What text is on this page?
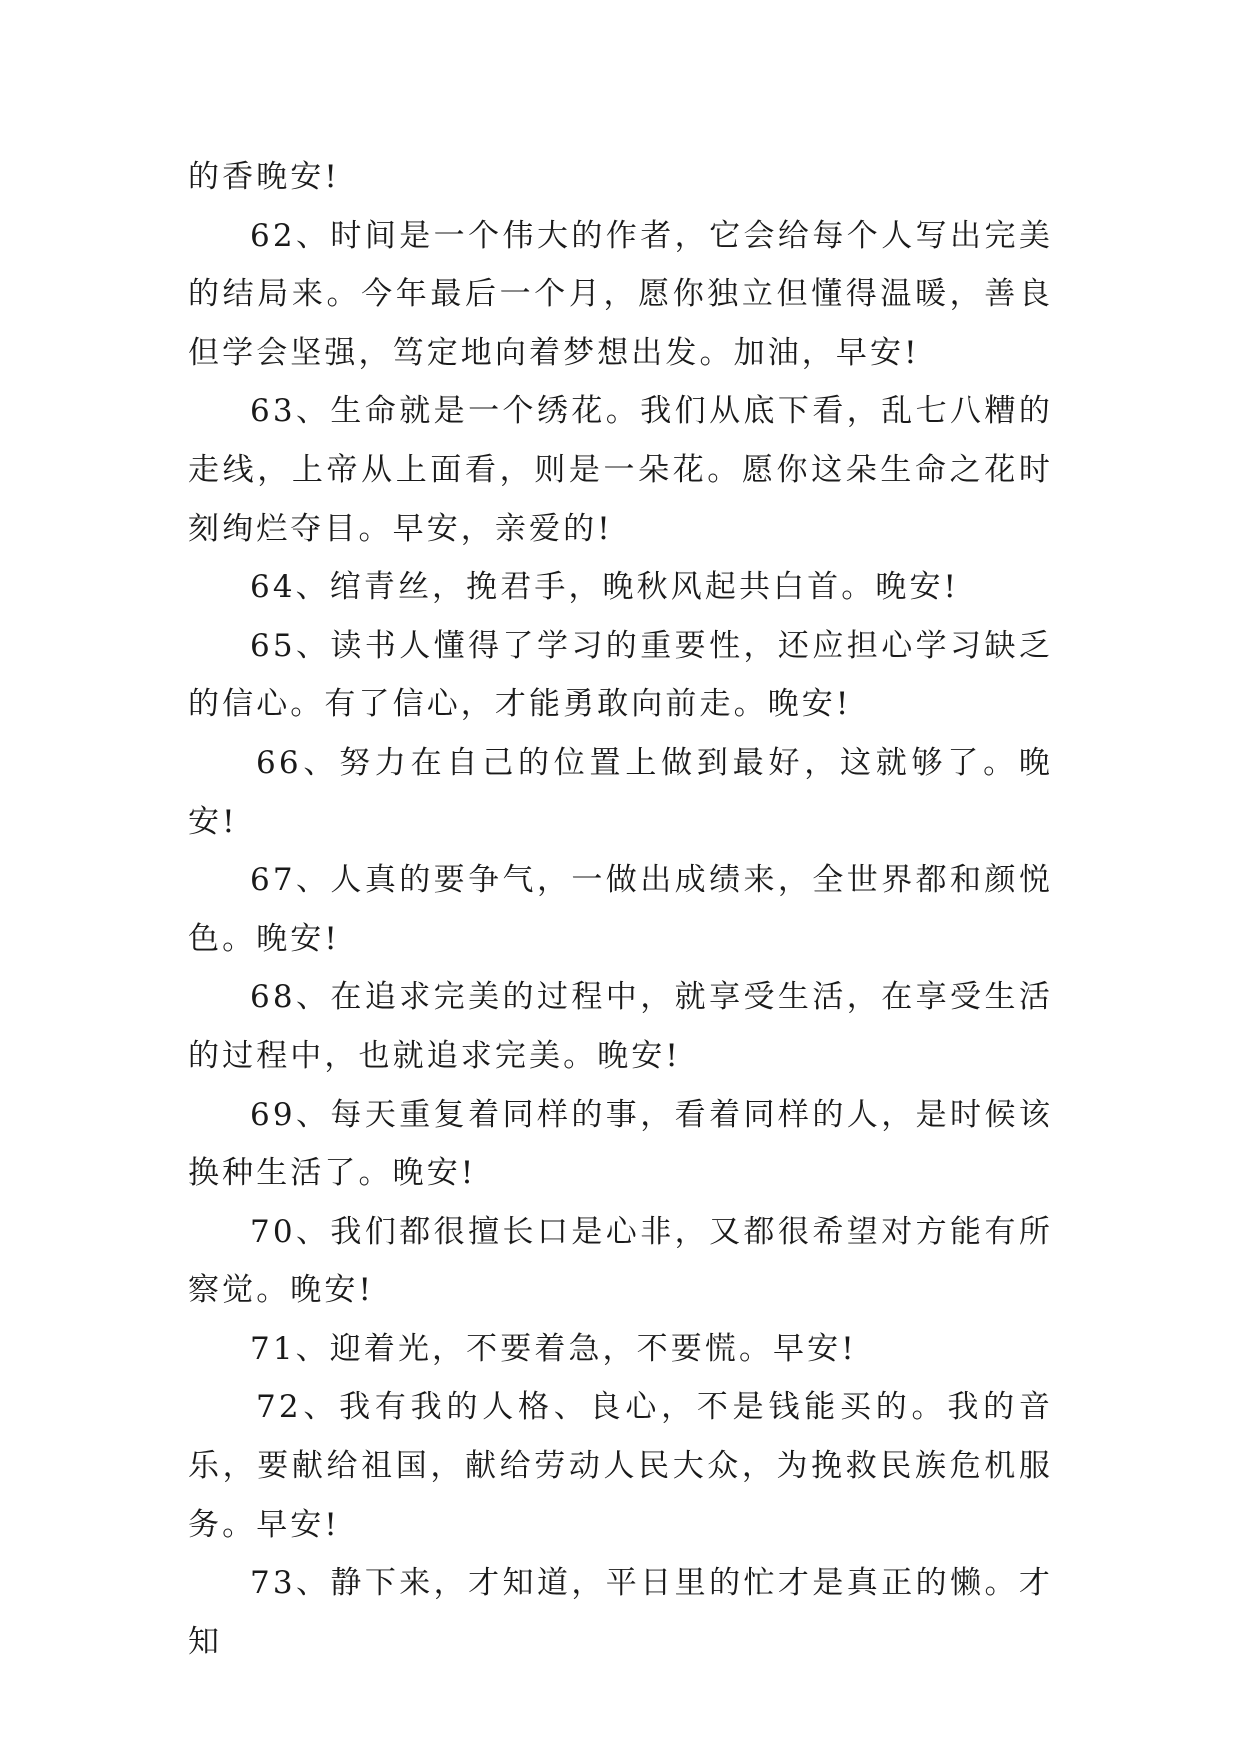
的香晚安!

62、时间是一个伟大的作者，它会给每个人写出完美的结局来。今年最后一个月，愿你独立但懂得温暖，善良但学会坚强，笃定地向着梦想出发。加油，早安!

63、生命就是一个绣花。我们从底下看，乱七八糟的走线，上帝从上面看，则是一朵花。愿你这朵生命之花时刻绚烂夺目。早安，亲爱的!

64、绾青丝，挽君手，晚秋风起共白首。晚安!

65、读书人懂得了学习的重要性，还应担心学习缺乏的信心。有了信心，才能勇敢向前走。晚安!

66、努力在自己的位置上做到最好，这就够了。晚安!

67、人真的要争气，一做出成绩来，全世界都和颜悦色。晚安!

68、在追求完美的过程中，就享受生活，在享受生活的过程中，也就追求完美。晚安!

69、每天重复着同样的事，看着同样的人，是时候该换种生活了。晚安!

70、我们都很擅长口是心非，又都很希望对方能有所察觉。晚安!

71、迎着光，不要着急，不要慌。早安!

72、我有我的人格、良心，不是钱能买的。我的音乐，要献给祖国，献给劳动人民大众，为挽救民族危机服务。早安!

73、静下来，才知道，平日里的忙才是真正的懒。才知
